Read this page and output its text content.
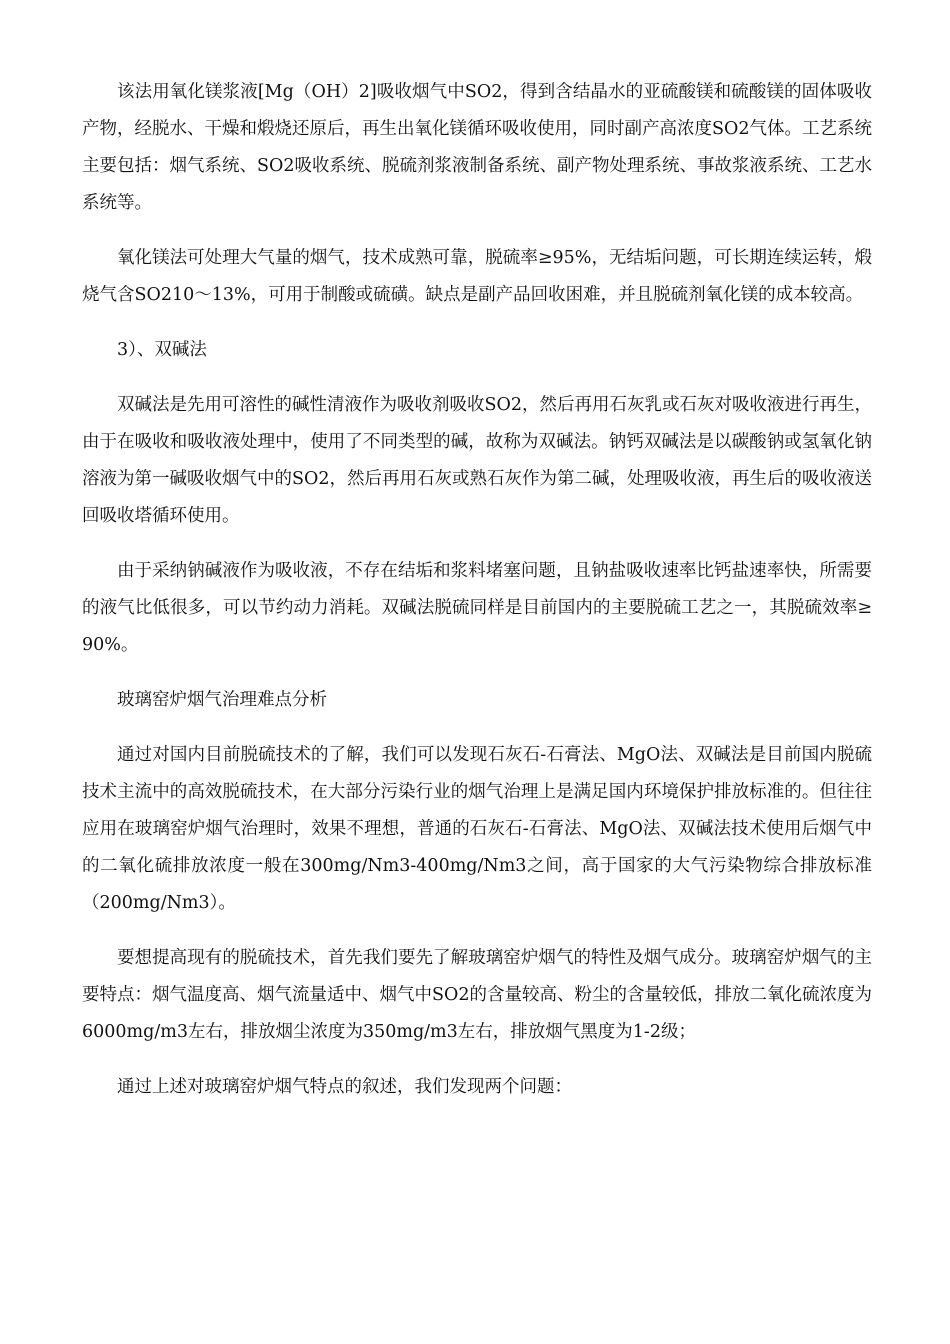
该法用氧化镁浆液[Mg（OH）2]吸收烟气中SO2，得到含结晶水的亚硫酸镁和硫酸镁的固体吸收产物，经脱水、干燥和煅烧还原后，再生出氧化镁循环吸收使用，同时副产高浓度SO2气体。工艺系统主要包括：烟气系统、SO2吸收系统、脱硫剂浆液制备系统、副产物处理系统、事故浆液系统、工艺水系统等。

氧化镁法可处理大气量的烟气，技术成熟可靠，脱硫率≥95%，无结垢问题，可长期连续运转，煅烧气含SO210～13%，可用于制酸或硫磺。缺点是副产品回收困难，并且脱硫剂氧化镁的成本较高。

3）、双碱法

双碱法是先用可溶性的碱性清液作为吸收剂吸收SO2，然后再用石灰乳或石灰对吸收液进行再生，由于在吸收和吸收液处理中，使用了不同类型的碱，故称为双碱法。钠钙双碱法是以碳酸钠或氢氧化钠溶液为第一碱吸收烟气中的SO2，然后再用石灰或熟石灰作为第二碱，处理吸收液，再生后的吸收液送回吸收塔循环使用。

由于采纳钠碱液作为吸收液，不存在结垢和浆料堵塞问题，且钠盐吸收速率比钙盐速率快，所需要的液气比低很多，可以节约动力消耗。双碱法脱硫同样是目前国内的主要脱硫工艺之一，其脱硫效率≥90%。

玻璃窑炉烟气治理难点分析

通过对国内目前脱硫技术的了解，我们可以发现石灰石-石膏法、MgO法、双碱法是目前国内脱硫技术主流中的高效脱硫技术，在大部分污染行业的烟气治理上是满足国内环境保护排放标准的。但往往应用在玻璃窑炉烟气治理时，效果不理想，普通的石灰石-石膏法、MgO法、双碱法技术使用后烟气中的二氧化硫排放浓度一般在300mg/Nm3-400mg/Nm3之间，高于国家的大气污染物综合排放标准（200mg/Nm3）。

要想提高现有的脱硫技术，首先我们要先了解玻璃窑炉烟气的特性及烟气成分。玻璃窑炉烟气的主要特点：烟气温度高、烟气流量适中、烟气中SO2的含量较高、粉尘的含量较低，排放二氧化硫浓度为6000mg/m3左右，排放烟尘浓度为350mg/m3左右，排放烟气黑度为1-2级；

通过上述对玻璃窑炉烟气特点的叙述，我们发现两个问题：
